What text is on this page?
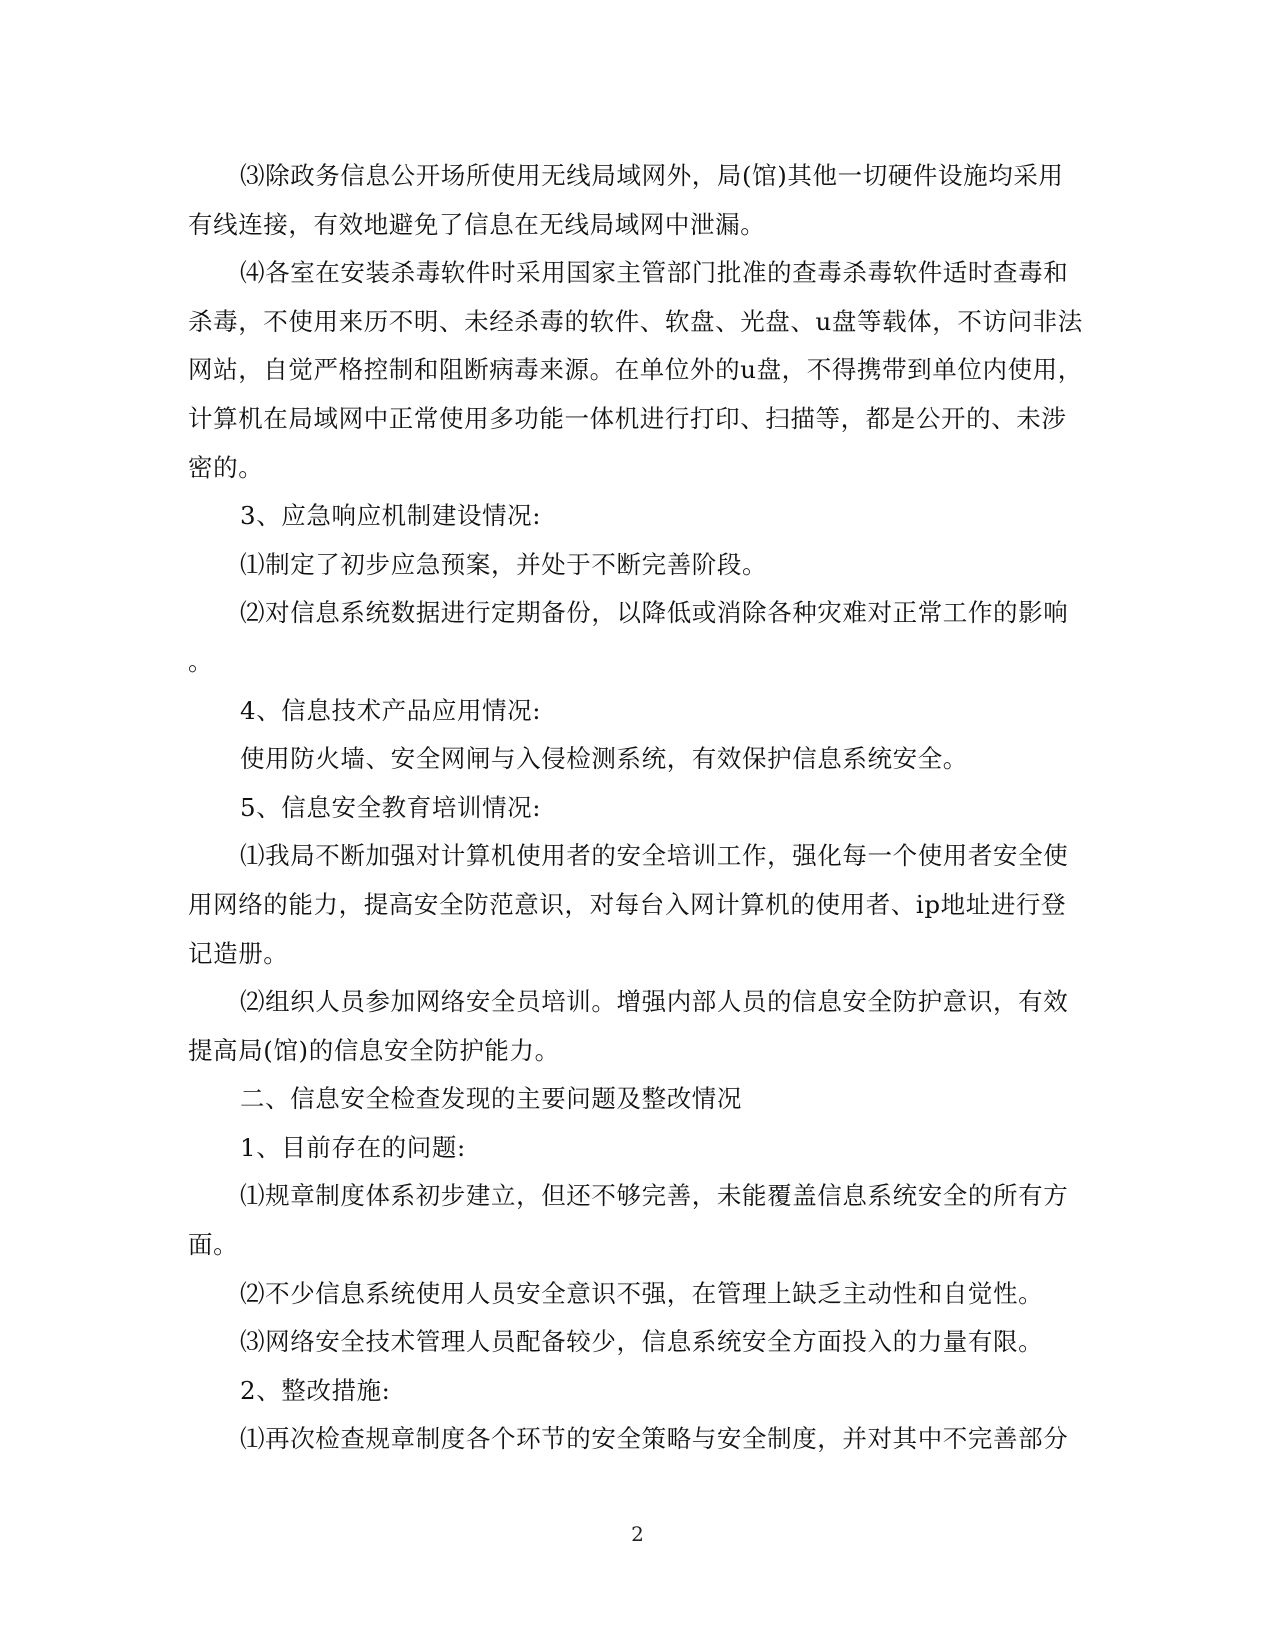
⑶除政务信息公开场所使用无线局域网外，局(馆)其他一切硬件设施均采用有线连接，有效地避免了信息在无线局域网中泄漏。

⑷各室在安装杀毒软件时采用国家主管部门批准的查毒杀毒软件适时查毒和杀毒，不使用来历不明、未经杀毒的软件、软盘、光盘、u盘等载体，不访问非法网站，自觉严格控制和阻断病毒来源。在单位外的u盘，不得携带到单位内使用，计算机在局域网中正常使用多功能一体机进行打印、扫描等，都是公开的、未涉密的。

3、应急响应机制建设情况:

⑴制定了初步应急预案，并处于不断完善阶段。

⑵对信息系统数据进行定期备份，以降低或消除各种灾难对正常工作的影响

。

4、信息技术产品应用情况:

使用防火墙、安全网闸与入侵检测系统，有效保护信息系统安全。

5、信息安全教育培训情况:

⑴我局不断加强对计算机使用者的安全培训工作，强化每一个使用者安全使用网络的能力，提高安全防范意识，对每台入网计算机的使用者、ip地址进行登记造册。

⑵组织人员参加网络安全员培训。增强内部人员的信息安全防护意识，有效提高局(馆)的信息安全防护能力。

二、信息安全检查发现的主要问题及整改情况

1、目前存在的问题:

⑴规章制度体系初步建立，但还不够完善，未能覆盖信息系统安全的所有方面。

⑵不少信息系统使用人员安全意识不强，在管理上缺乏主动性和自觉性。

⑶网络安全技术管理人员配备较少，信息系统安全方面投入的力量有限。

2、整改措施:

⑴再次检查规章制度各个环节的安全策略与安全制度，并对其中不完善部分

2
